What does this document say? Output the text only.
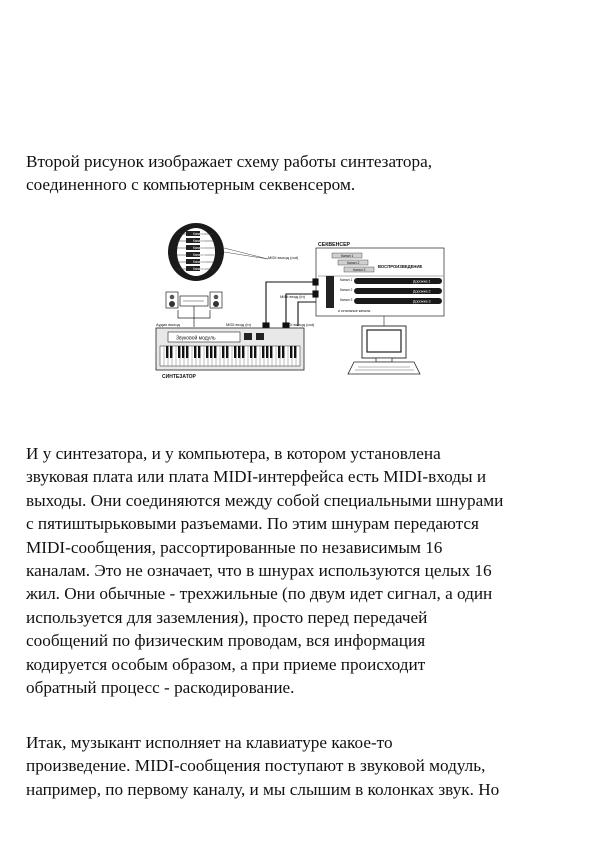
Второй рисунок изображает схему работы синтезатора,
соединенного с компьютерным секвенсером.

Канал 1
Канал 2
Канал 3
Канал 4
Канал 5
Канал 6
СЕКВЕНСЕР
ВОСПРОИЗВЕДЕНИЕ
Канал 1
Канал 2
Канал 3
Дорожка 1
Дорожка 2
Дорожка 3
Канал 1
Канал 2
Канал 3
и остальные каналы
MIDI выход (out)
MIDI вход (in)
MIDI вход (in)	MIDI выход (out)
Аудио выход
Звуковой модуль
СИНТЕЗАТОР

И у синтезатора, и у компьютера, в котором установлена
звуковая плата или плата MIDI-интерфейса есть MIDI-входы и
выходы. Они соединяются между собой специальными шнурами
с пятиштырьковыми разъемами. По этим шнурам передаются
MIDI-сообщения, рассортированные по независимым 16
каналам. Это не означает, что в шнурах используются целых 16
жил. Они обычные - трехжильные (по двум идет сигнал, а один
используется для заземления), просто перед передачей
сообщений по физическим проводам, вся информация
кодируется особым образом, а при приеме происходит
обратный процесс - раскодирование.

Итак, музыкант исполняет на клавиатуре какое-то
произведение. MIDI-сообщения поступают в звуковой модуль,
например, по первому каналу, и мы слышим в колонках звук. Но
